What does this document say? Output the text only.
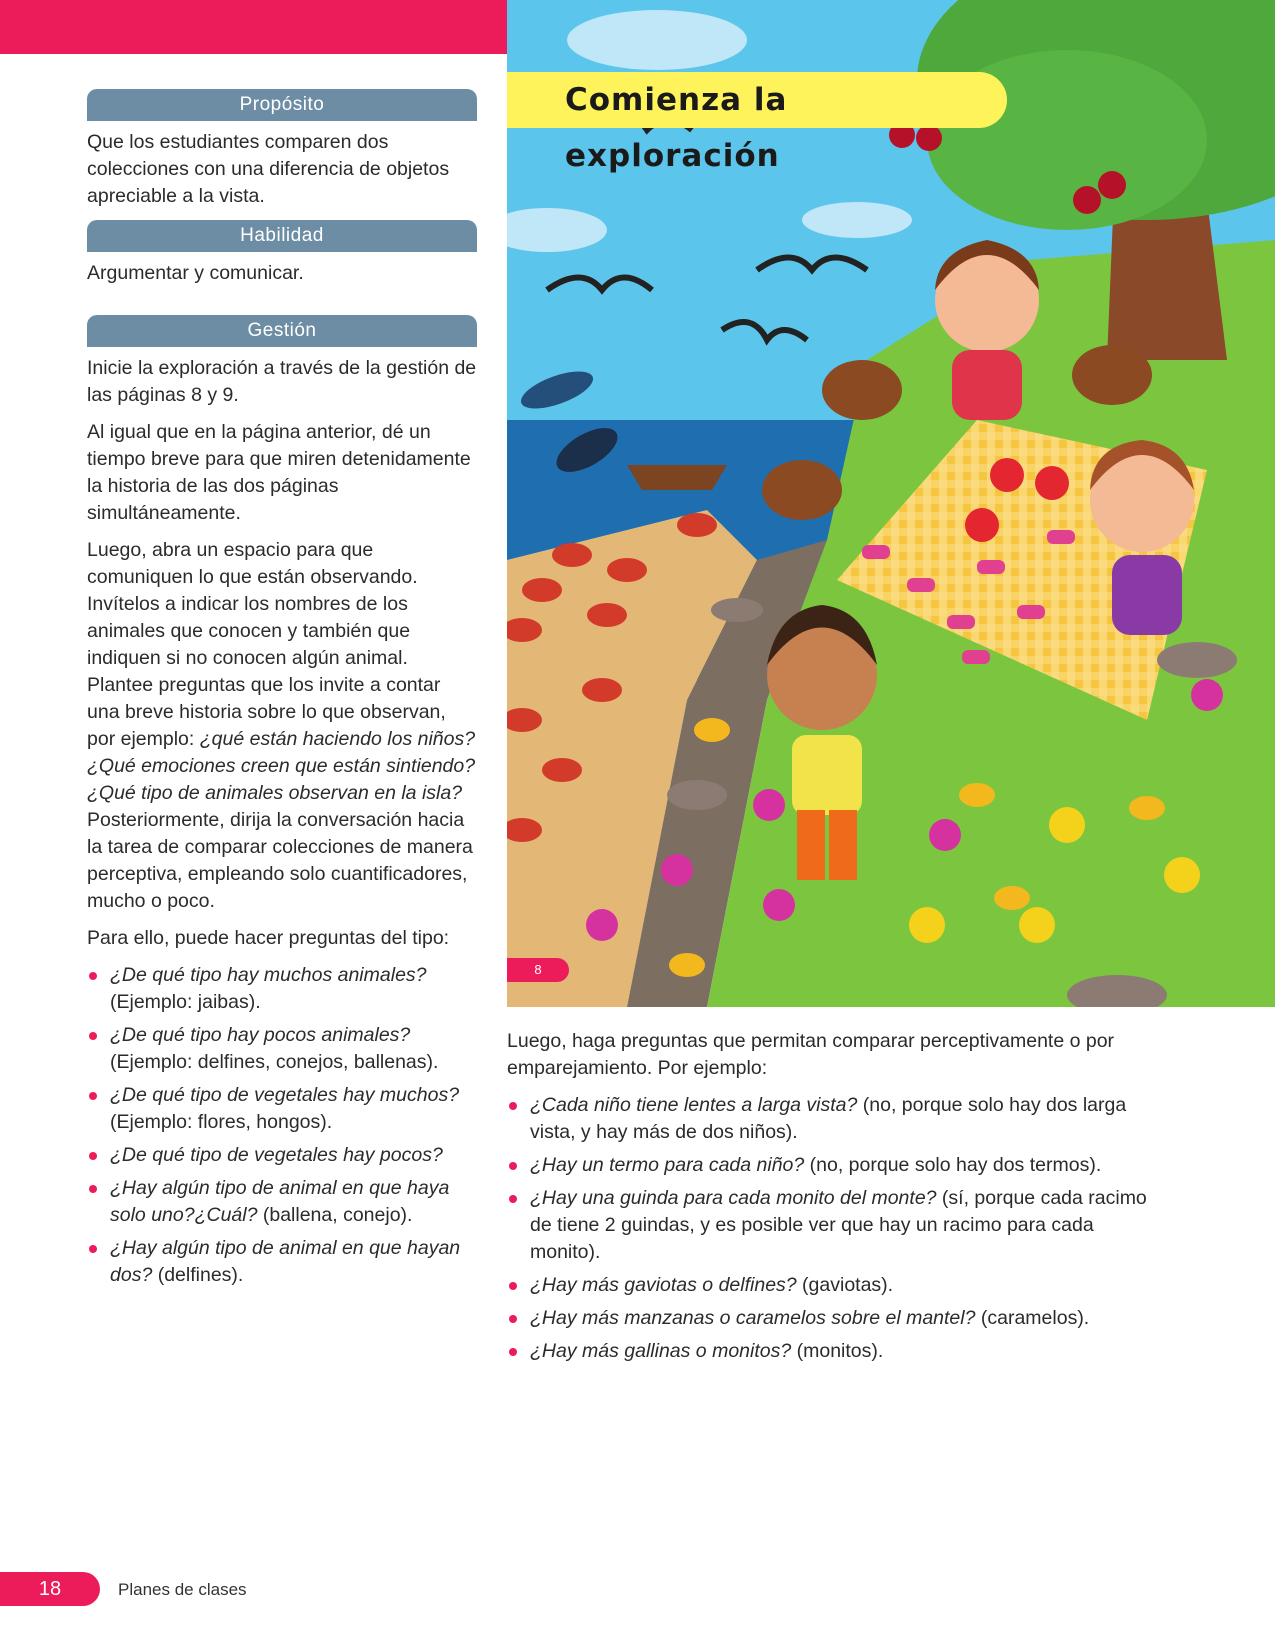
Propósito

Que los estudiantes comparen dos colecciones con una diferencia de objetos apreciable a la vista.

Habilidad

Argumentar y comunicar.

Gestión

Inicie la exploración a través de la gestión de las páginas 8 y 9.

Al igual que en la página anterior, dé un tiempo breve para que miren detenidamente la historia de las dos páginas simultáneamente.

Luego, abra un espacio para que comuniquen lo que están observando. Invítelos a indicar los nombres de los animales que conocen y también que indiquen si no conocen algún animal. Plantee preguntas que los invite a contar una breve historia sobre lo que observan, por ejemplo: ¿qué están haciendo los niños? ¿Qué emociones creen que están sintiendo? ¿Qué tipo de animales observan en la isla? Posteriormente, dirija la conversación hacia la tarea de comparar colecciones de manera perceptiva, empleando solo cuantificadores, mucho o poco.

Para ello, puede hacer preguntas del tipo:

¿De qué tipo hay muchos animales? (Ejemplo: jaibas).
¿De qué tipo hay pocos animales? (Ejemplo: delfines, conejos, ballenas).
¿De qué tipo de vegetales hay muchos? (Ejemplo: flores, hongos).
¿De qué tipo de vegetales hay pocos?
¿Hay algún tipo de animal en que haya solo uno?¿Cuál? (ballena, conejo).
¿Hay algún tipo de animal en que hayan dos? (delfines).
Comienza la exploración
8

Luego, haga preguntas que permitan comparar perceptivamente o por emparejamiento. Por ejemplo:

¿Cada niño tiene lentes a larga vista? (no, porque solo hay dos larga vista, y hay más de dos niños).
¿Hay un termo para cada niño? (no, porque solo hay dos termos).
¿Hay una guinda para cada monito del monte? (sí, porque cada racimo de tiene 2 guindas, y es posible ver que hay un racimo para cada monito).
¿Hay más gaviotas o delfines? (gaviotas).
¿Hay más manzanas o caramelos sobre el mantel? (caramelos).
¿Hay más gallinas o monitos? (monitos).
18	Planes de clases
